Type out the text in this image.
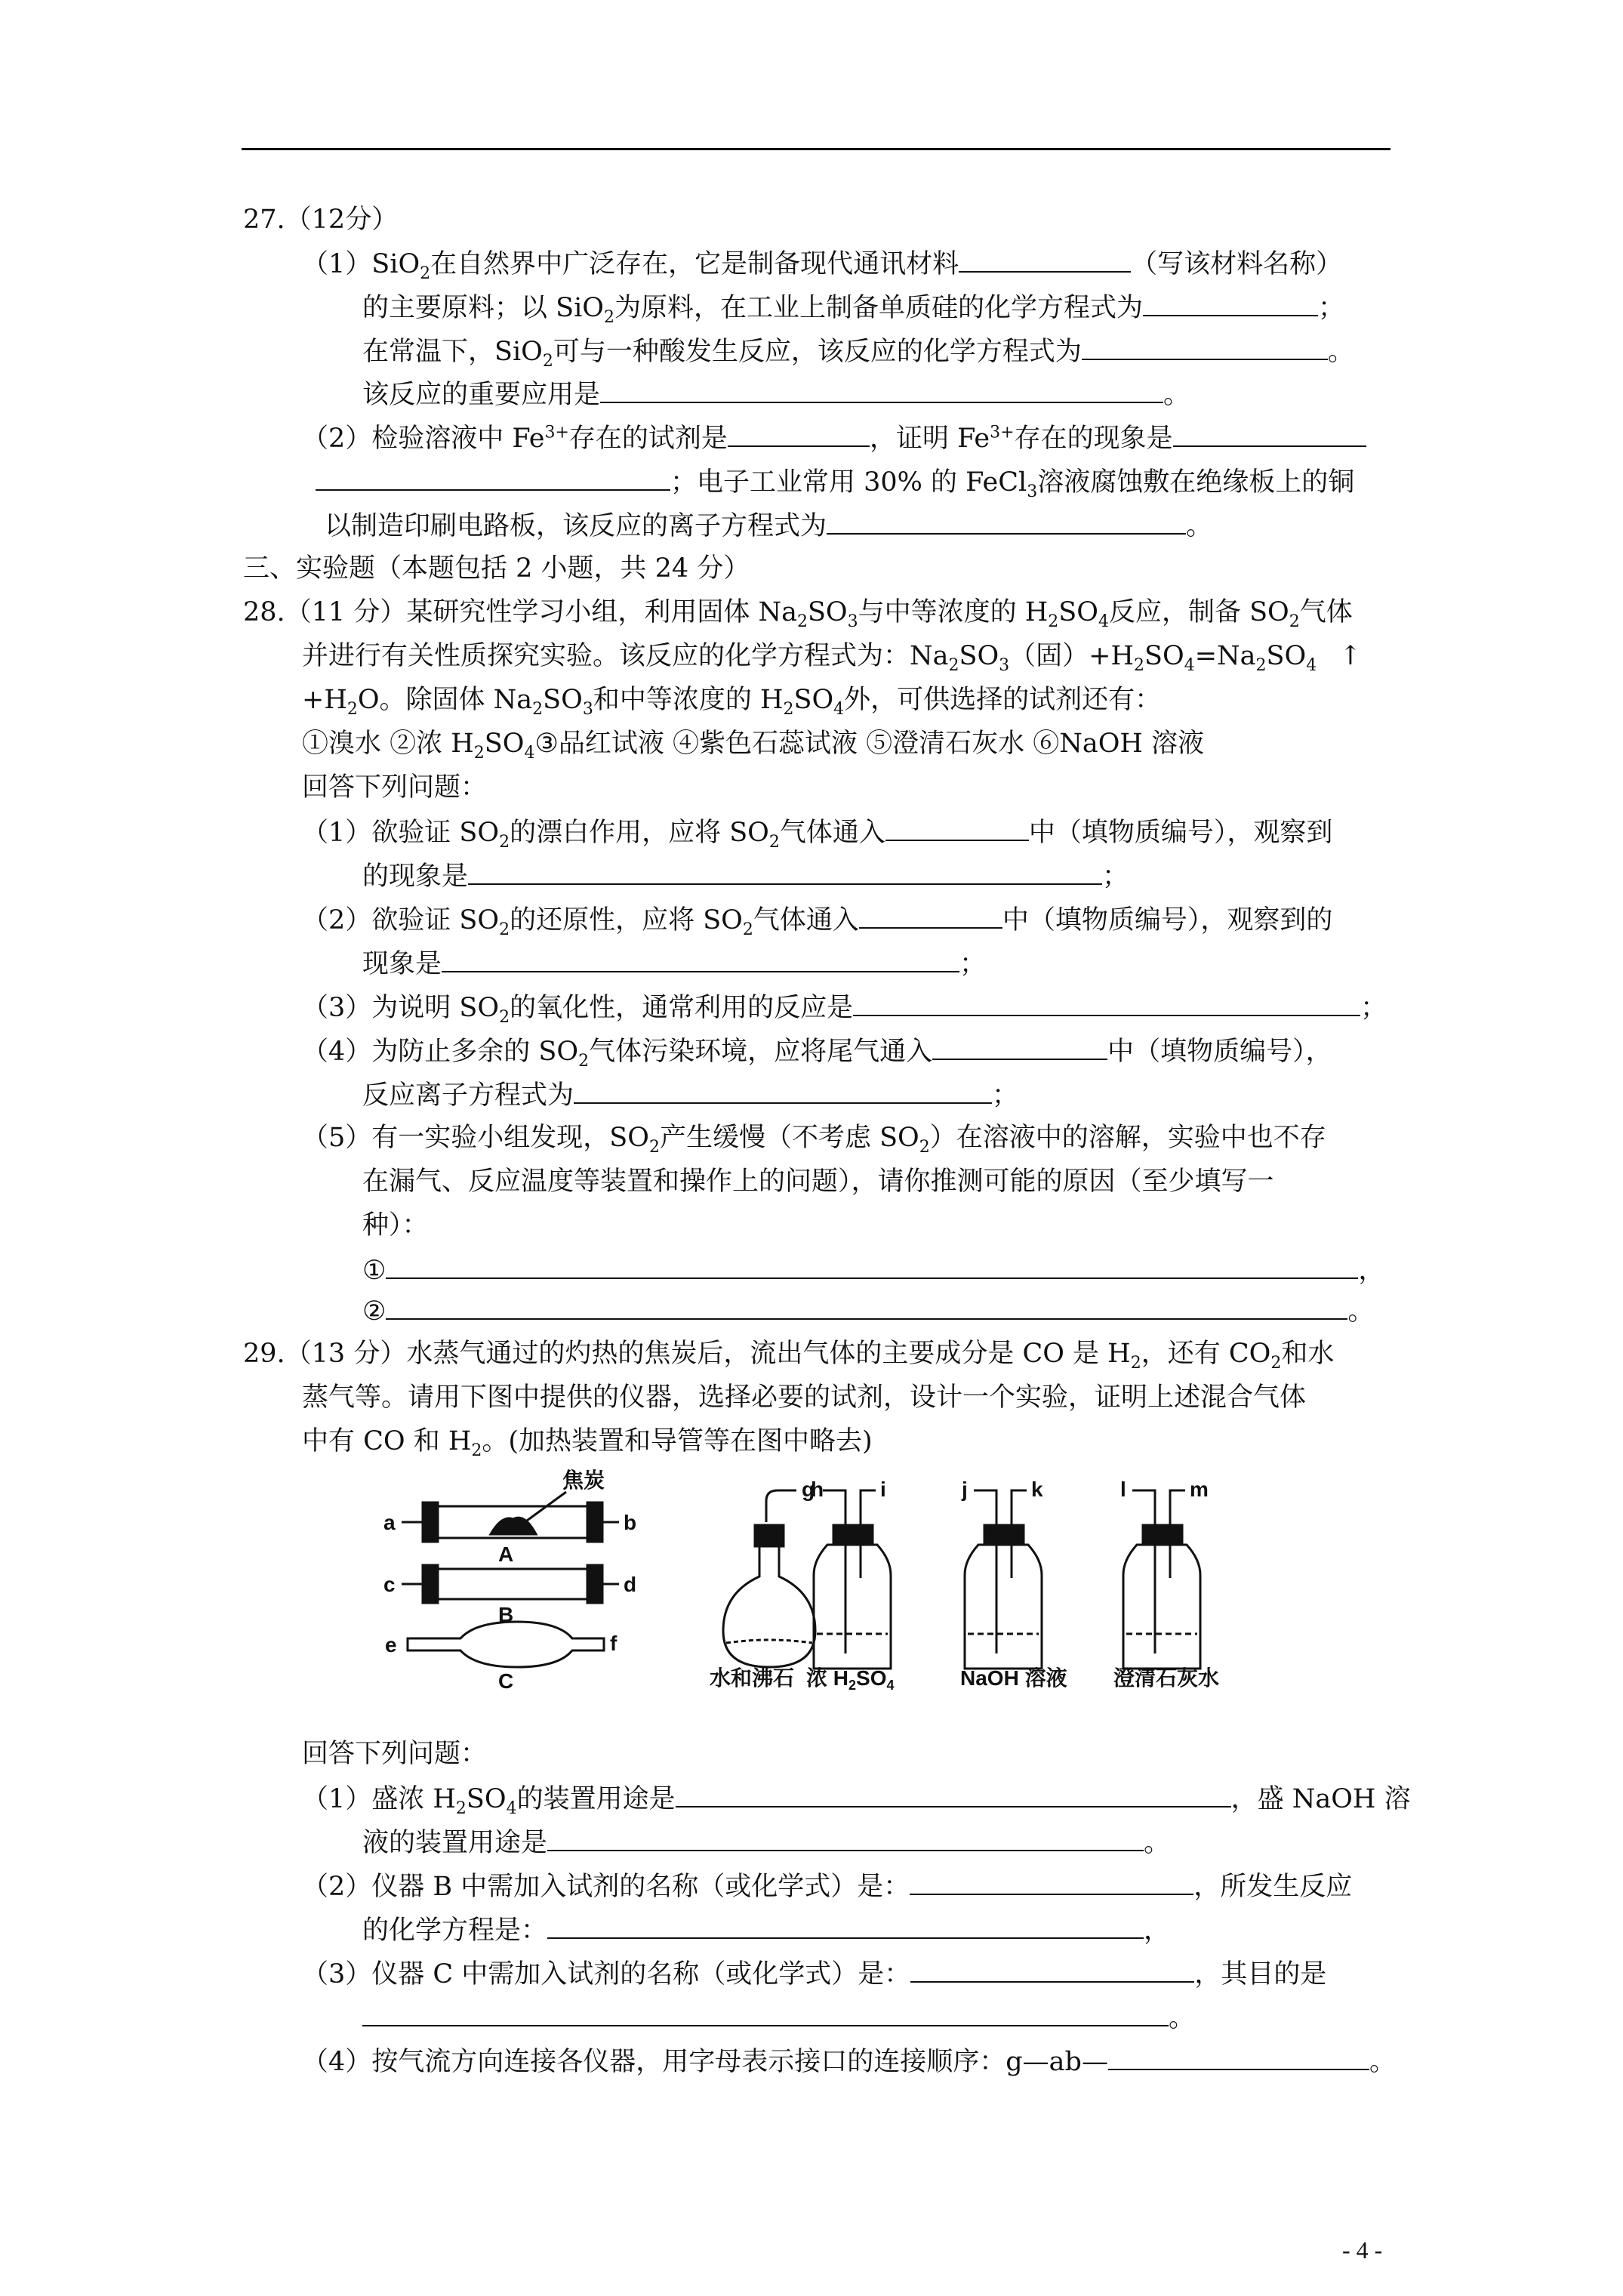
27.（12分）
（1）SiO$_2$在自然界中广泛存在，它是制备现代通讯材料	（写该材料名称）
的主要原料；以 SiO$_2$为原料，在工业上制备单质硅的化学方程式为	；
在常温下，SiO$_2$可与一种酸发生反应，该反应的化学方程式为	。
该反应的重要应用是	。
（2）检验溶液中 $Fe^{3+}$存在的试剂是	，证明 $Fe^{3+}$存在的现象是
；电子工业常用 30% 的 FeCl$_3$溶液腐蚀敷在绝缘板上的铜
以制造印刷电路板，该反应的离子方程式为	。
三、实验题（本题包括 2 小题，共 24 分）
28.（11 分）某研究性学习小组，利用固体 $Na_2SO_3$与中等浓度的 $H_2SO_4$反应，制备 $SO_2$气体
并进行有关性质探究实验。该反应的化学方程式为：$Na_2SO_3$（固）$+H_2SO_4=Na_2SO_4$ ↑
$+H_2O$。除固体 $Na_2SO_3$和中等浓度的 $H_2SO_4$外，可供选择的试剂还有：
①溴水 ②浓 $H_2SO_4③$品红试液 ④紫色石蕊试液 ⑤澄清石灰水 ⑥NaOH 溶液
回答下列问题：
（1）欲验证 $SO_2$的漂白作用，应将 $SO_2$气体通入	中（填物质编号），观察到
的现象是	；
（2）欲验证 $SO_2$的还原性，应将 $SO_2$气体通入	中（填物质编号），观察到的
现象是	；
（3）为说明 $SO_2$的氧化性，通常利用的反应是	；
（4）为防止多余的 $SO_2$气体污染环境，应将尾气通入	中（填物质编号），
反应离子方程式为	；
（5）有一实验小组发现，$SO_2$产生缓慢（不考虑 $SO_2$）在溶液中的溶解，实验中也不存
在漏气、反应温度等装置和操作上的问题），请你推测可能的原因（至少填写一
种）：
①	，
②	。
29.（13 分）水蒸气通过的灼热的焦炭后，流出气体的主要成分是 CO 是 $H_2$，还有 $CO_2$和水
蒸气等。请用下图中提供的仪器，选择必要的试剂，设计一个实验，证明上述混合气体
中有 CO 和 $H_2$。(加热装置和导管等在图中略去)
焦炭
A
B
C
a	b
c	d
e	f
g
h	i	j	k	l	m
水和沸石 浓 $H_2SO_4$	NaOH 溶液 澄清石灰水
回答下列问题：
（1）盛浓 $H_2SO_4$的装置用途是	，盛 NaOH 溶
液的装置用途是	。
（2）仪器 B 中需加入试剂的名称（或化学式）是：	，所发生反应
的化学方程是：	，
（3）仪器 C 中需加入试剂的名称（或化学式）是：	，其目的是
。
（4）按气流方向连接各仪器，用字母表示接口的连接顺序：g—ab—	。
- 4 -
